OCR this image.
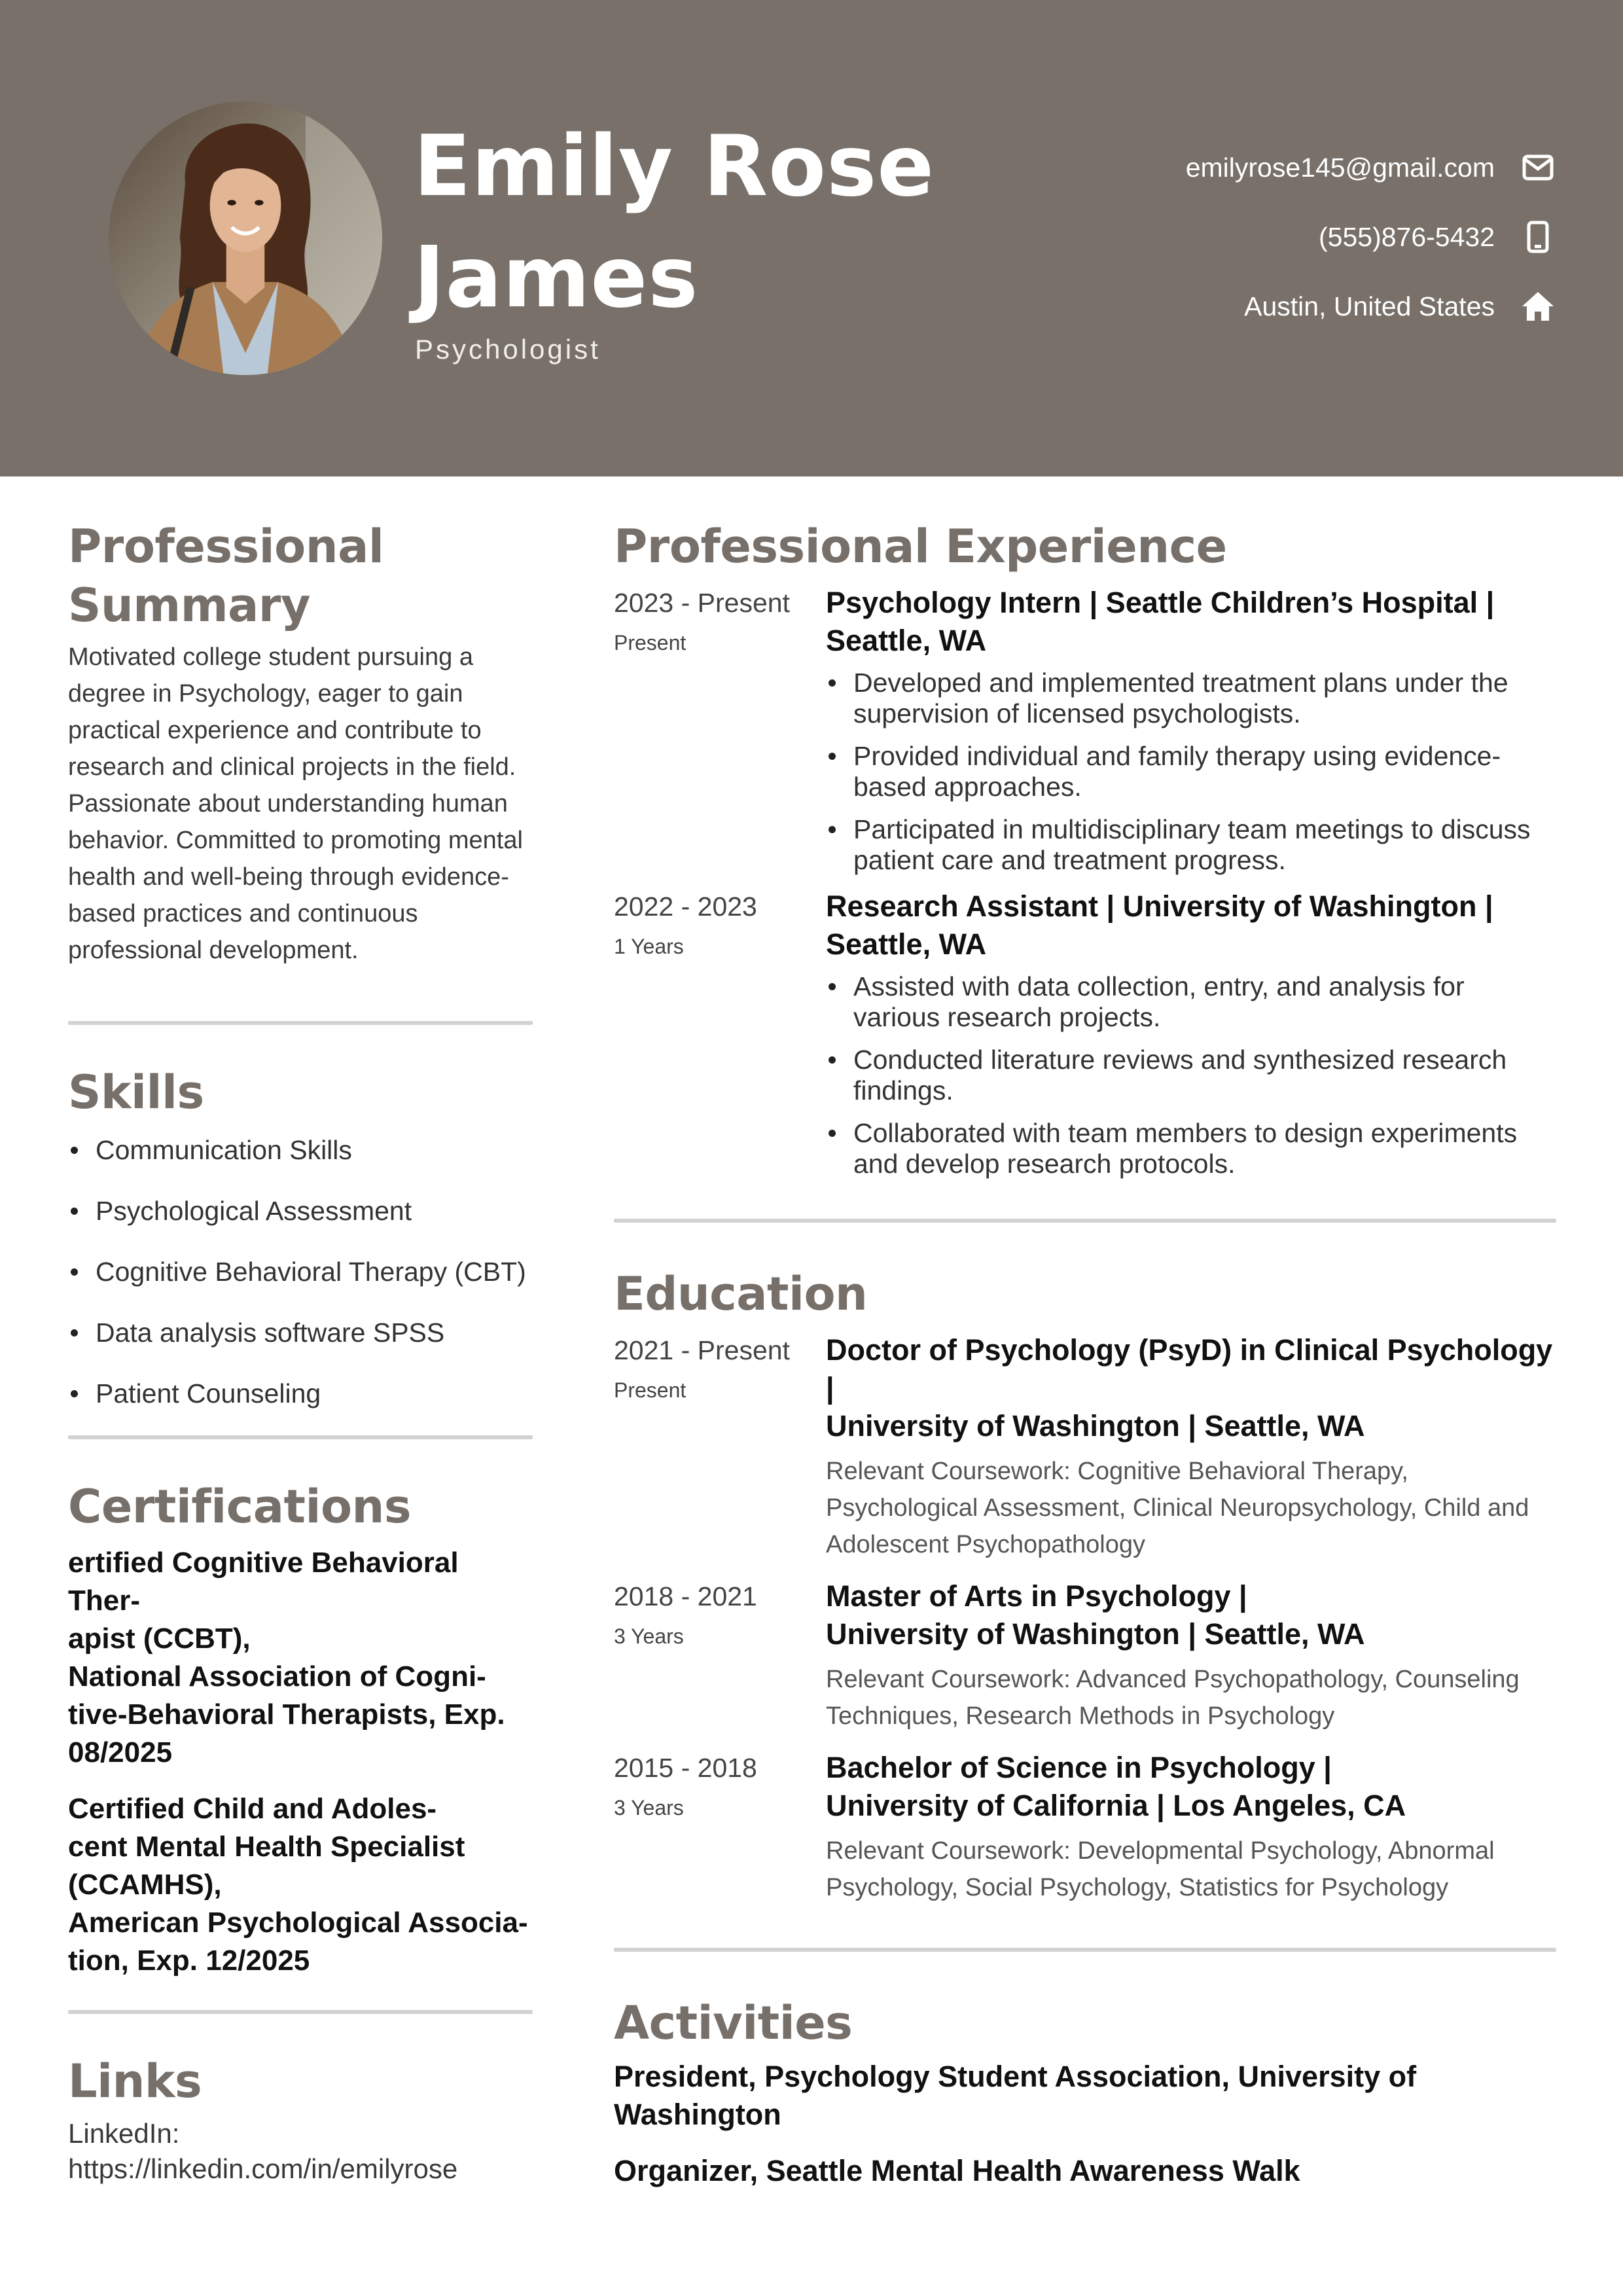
Emily Rose
James
Psychologist
emilyrose145@gmail.com
(555)876-5432
Austin, United States
Professional Summary

Motivated college student pursuing a degree in Psychology, eager to gain practical experience and contribute to research and clinical projects in the field. Passionate about understanding human behavior. Committed to promoting mental health and well-being through evidence-based practices and continuous professional development.

Skills
Communication Skills
Psychological Assessment
Cognitive Behavioral Therapy (CBT)
Data analysis software SPSS
Patient Counseling
Certifications
ertified Cognitive Behavioral Ther-
apist (CCBT),
National Association of Cogni-
tive-Behavioral Therapists, Exp.
08/2025
Certified Child and Adoles-
cent Mental Health Specialist
(CCAMHS),
American Psychological Associa-
tion, Exp. 12/2025
Links
LinkedIn:
https://linkedin.com/in/emilyrose
Professional Experience
2023 - Present
Present
Psychology Intern | Seattle Children’s Hospital |
Seattle, WA
Developed and implemented treatment plans under the supervision of licensed psychologists.
Provided individual and family therapy using evidence-based approaches.
Participated in multidisciplinary team meetings to discuss patient care and treatment progress.
2022 - 2023
1 Years
Research Assistant | University of Washington |
Seattle, WA
Assisted with data collection, entry, and analysis for various research projects.
Conducted literature reviews and synthesized research findings.
Collaborated with team members to design experiments and develop research protocols.
Education
2021 - Present
Present
Doctor of Psychology (PsyD) in Clinical Psychology |
University of Washington | Seattle, WA

Relevant Coursework: Cognitive Behavioral Therapy, Psychological Assessment, Clinical Neuropsychology, Child and Adolescent Psychopathology

2018 - 2021
3 Years
Master of Arts in Psychology |
University of Washington | Seattle, WA

Relevant Coursework: Advanced Psychopathology, Counseling Techniques, Research Methods in Psychology

2015 - 2018
3 Years
Bachelor of Science in Psychology |
University of California | Los Angeles, CA

Relevant Coursework: Developmental Psychology, Abnormal Psychology, Social Psychology, Statistics for Psychology

Activities
President, Psychology Student Association, University of Washington
Organizer, Seattle Mental Health Awareness Walk
